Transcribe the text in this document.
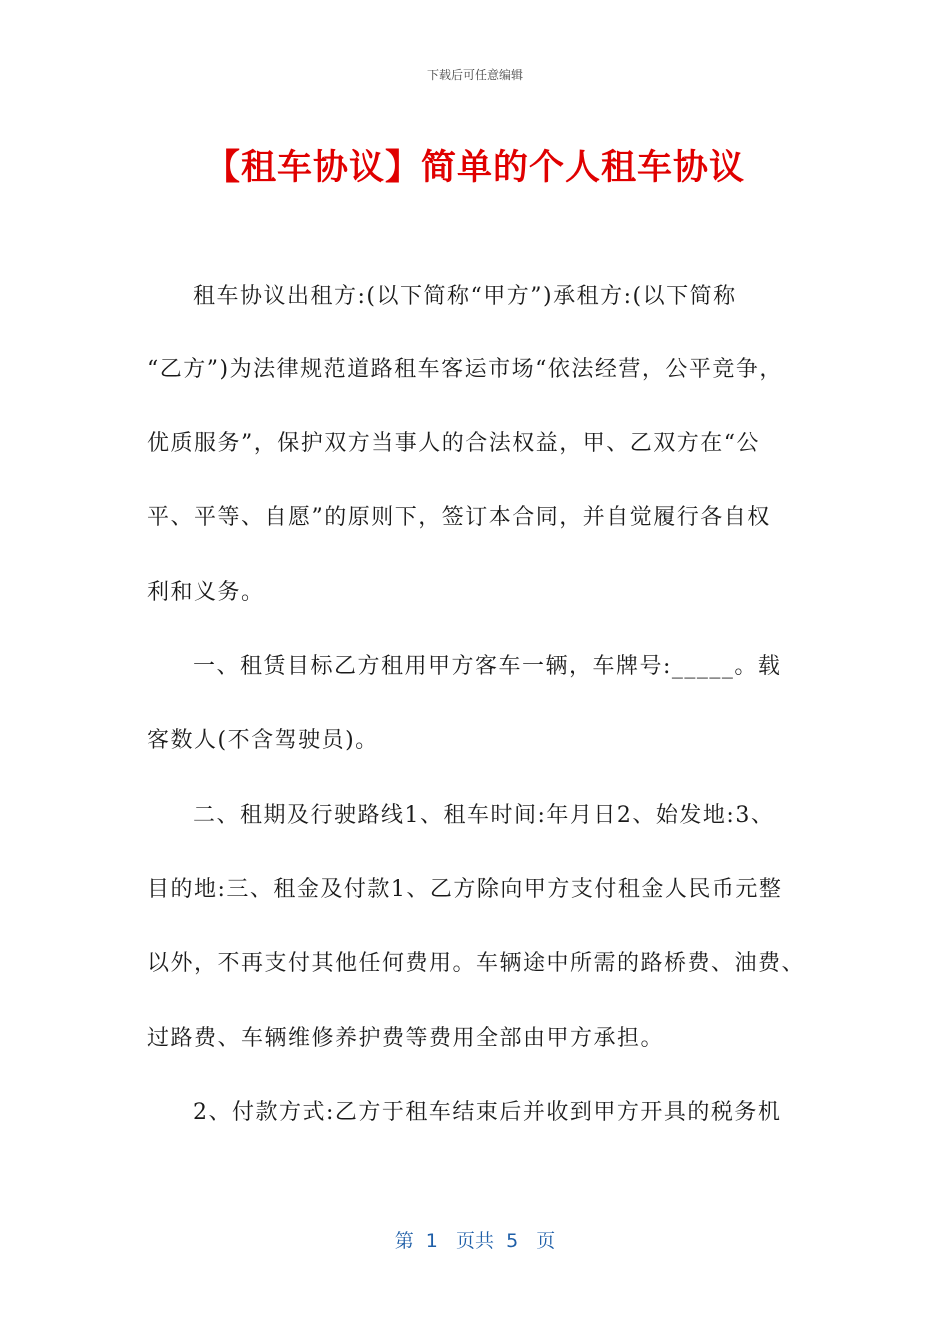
下载后可任意编辑
【租车协议】简单的个人租车协议
租车协议出租方:(以下简称“甲方”)承租方:(以下简称
“乙方”)为法律规范道路租车客运市场“依法经营，公平竞争，
优质服务”，保护双方当事人的合法权益，甲、乙双方在“公
平、平等、自愿”的原则下，签订本合同，并自觉履行各自权
利和义务。
一、租赁目标乙方租用甲方客车一辆，车牌号:_____。载
客数人(不含驾驶员)。
二、租期及行驶路线1、租车时间:年月日2、始发地:3、
目的地:三、租金及付款1、乙方除向甲方支付租金人民币元整
以外，不再支付其他任何费用。车辆途中所需的路桥费、油费、
过路费、车辆维修养护费等费用全部由甲方承担。
2、付款方式:乙方于租车结束后并收到甲方开具的税务机
第  1   页共  5   页
